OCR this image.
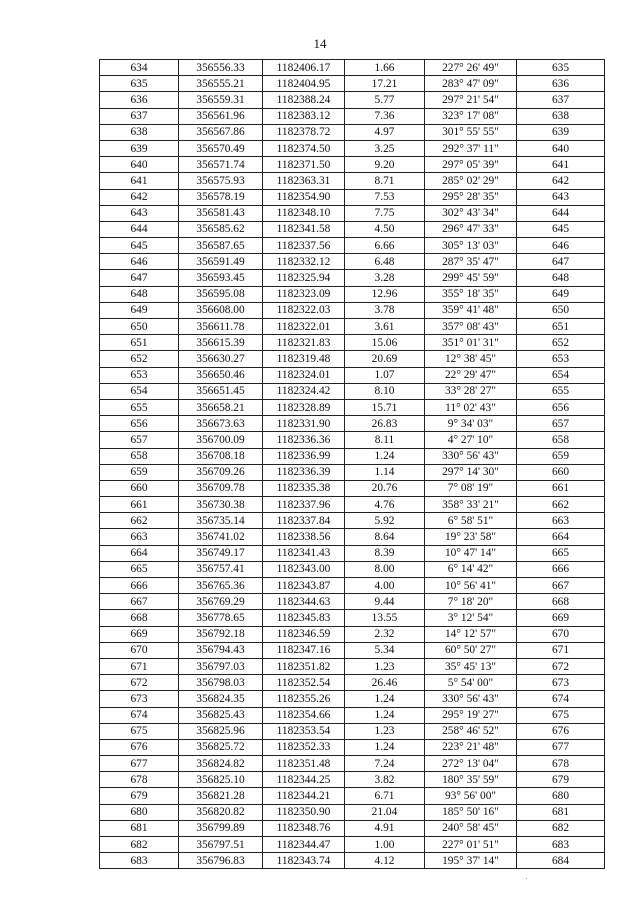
14
634	356556.33	1182406.17	1.66	227° 26' 49"	635
635	356555.21	1182404.95	17.21	283° 47' 09"	636
636	356559.31	1182388.24	5.77	297° 21' 54"	637
637	356561.96	1182383.12	7.36	323° 17' 08"	638
638	356567.86	1182378.72	4.97	301° 55' 55"	639
639	356570.49	1182374.50	3.25	292° 37' 11"	640
640	356571.74	1182371.50	9.20	297° 05' 39"	641
641	356575.93	1182363.31	8.71	285° 02' 29"	642
642	356578.19	1182354.90	7.53	295° 28' 35"	643
643	356581.43	1182348.10	7.75	302° 43' 34"	644
644	356585.62	1182341.58	4.50	296° 47' 33"	645
645	356587.65	1182337.56	6.66	305° 13' 03"	646
646	356591.49	1182332.12	6.48	287° 35' 47"	647
647	356593.45	1182325.94	3.28	299° 45' 59"	648
648	356595.08	1182323.09	12.96	355° 18' 35"	649
649	356608.00	1182322.03	3.78	359° 41' 48"	650
650	356611.78	1182322.01	3.61	357° 08' 43"	651
651	356615.39	1182321.83	15.06	351° 01' 31"	652
652	356630.27	1182319.48	20.69	12° 38' 45"	653
653	356650.46	1182324.01	1.07	22° 29' 47"	654
654	356651.45	1182324.42	8.10	33° 28' 27"	655
655	356658.21	1182328.89	15.71	11° 02' 43"	656
656	356673.63	1182331.90	26.83	9° 34' 03"	657
657	356700.09	1182336.36	8.11	4° 27' 10"	658
658	356708.18	1182336.99	1.24	330° 56' 43"	659
659	356709.26	1182336.39	1.14	297° 14' 30"	660
660	356709.78	1182335.38	20.76	7° 08' 19"	661
661	356730.38	1182337.96	4.76	358° 33' 21"	662
662	356735.14	1182337.84	5.92	6° 58' 51"	663
663	356741.02	1182338.56	8.64	19° 23' 58"	664
664	356749.17	1182341.43	8.39	10° 47' 14"	665
665	356757.41	1182343.00	8.00	6° 14' 42"	666
666	356765.36	1182343.87	4.00	10° 56' 41"	667
667	356769.29	1182344.63	9.44	7° 18' 20"	668
668	356778.65	1182345.83	13.55	3° 12' 54"	669
669	356792.18	1182346.59	2.32	14° 12' 57"	670
670	356794.43	1182347.16	5.34	60° 50' 27"	671
671	356797.03	1182351.82	1.23	35° 45' 13"	672
672	356798.03	1182352.54	26.46	5° 54' 00"	673
673	356824.35	1182355.26	1.24	330° 56' 43"	674
674	356825.43	1182354.66	1.24	295° 19' 27"	675
675	356825.96	1182353.54	1.23	258° 46' 52"	676
676	356825.72	1182352.33	1.24	223° 21' 48"	677
677	356824.82	1182351.48	7.24	272° 13' 04"	678
678	356825.10	1182344.25	3.82	180° 35' 59"	679
679	356821.28	1182344.21	6.71	93° 56' 00"	680
680	356820.82	1182350.90	21.04	185° 50' 16"	681
681	356799.89	1182348.76	4.91	240° 58' 45"	682
682	356797.51	1182344.47	1.00	227° 01' 51"	683
683	356796.83	1182343.74	4.12	195° 37' 14"	684
